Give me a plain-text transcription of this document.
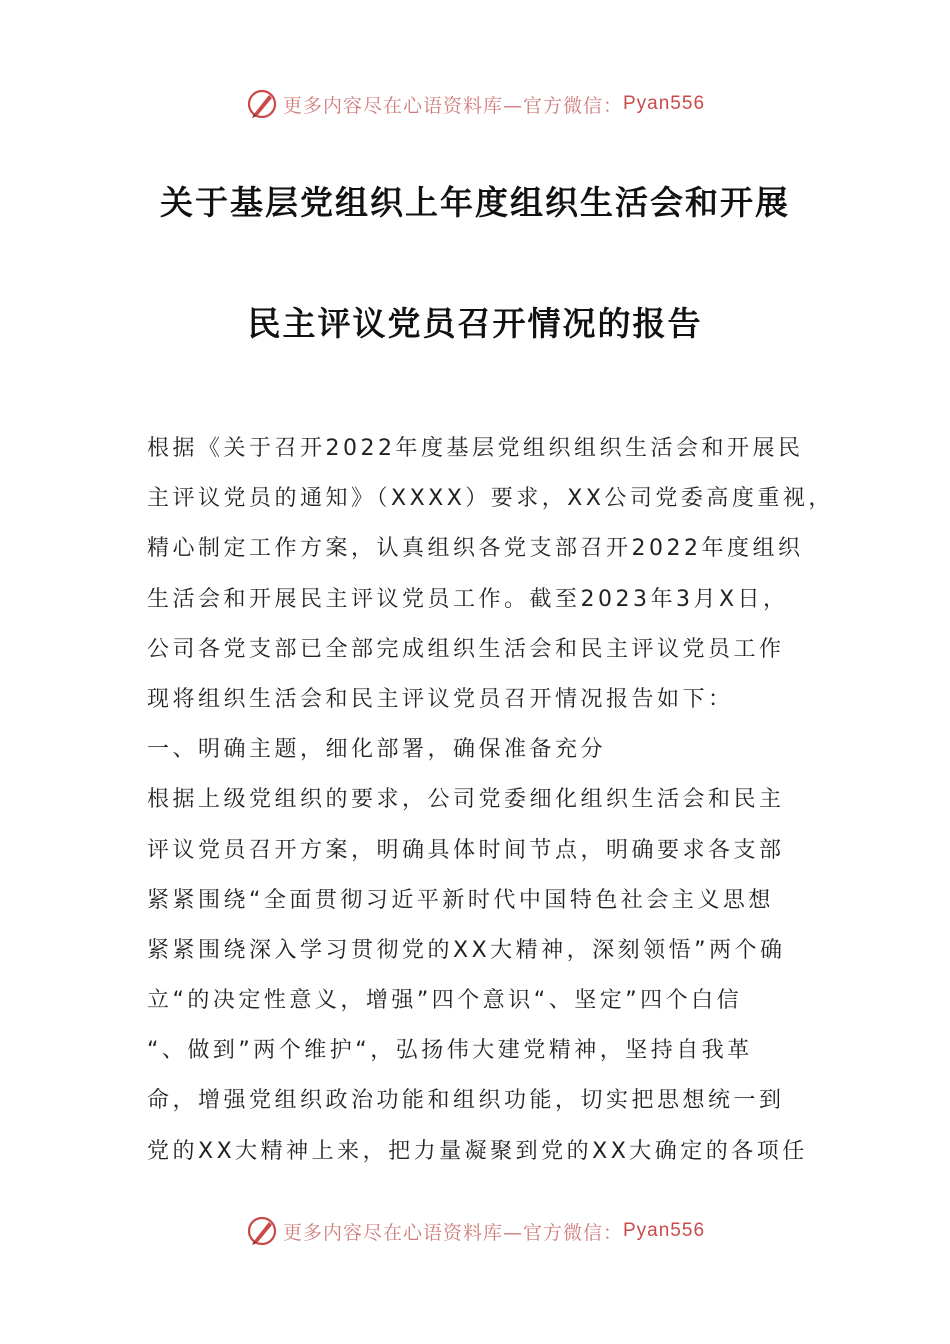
更多内容尽在心语资料库—官方微信： Pyan556
关于基层党组织上年度组织生活会和开展
民主评议党员召开情况的报告
根据《关于召开2022年度基层党组织组织生活会和开展民
主评议党员的通知》（XXXX）要求，XX公司党委高度重视，
精心制定工作方案，认真组织各党支部召开2022年度组织
生活会和开展民主评议党员工作。截至2023年3月X日，
公司各党支部已全部完成组织生活会和民主评议党员工作
现将组织生活会和民主评议党员召开情况报告如下：
一、明确主题，细化部署，确保准备充分
根据上级党组织的要求，公司党委细化组织生活会和民主
评议党员召开方案，明确具体时间节点，明确要求各支部
紧紧围绕“全面贯彻习近平新时代中国特色社会主义思想
紧紧围绕深入学习贯彻党的XX大精神，深刻领悟”两个确
立“的决定性意义，增强”四个意识“、坚定”四个白信
“、做到”两个维护“，弘扬伟大建党精神，坚持自我革
命，增强党组织政治功能和组织功能，切实把思想统一到
党的XX大精神上来，把力量凝聚到党的XX大确定的各项任
更多内容尽在心语资料库—官方微信： Pyan556
